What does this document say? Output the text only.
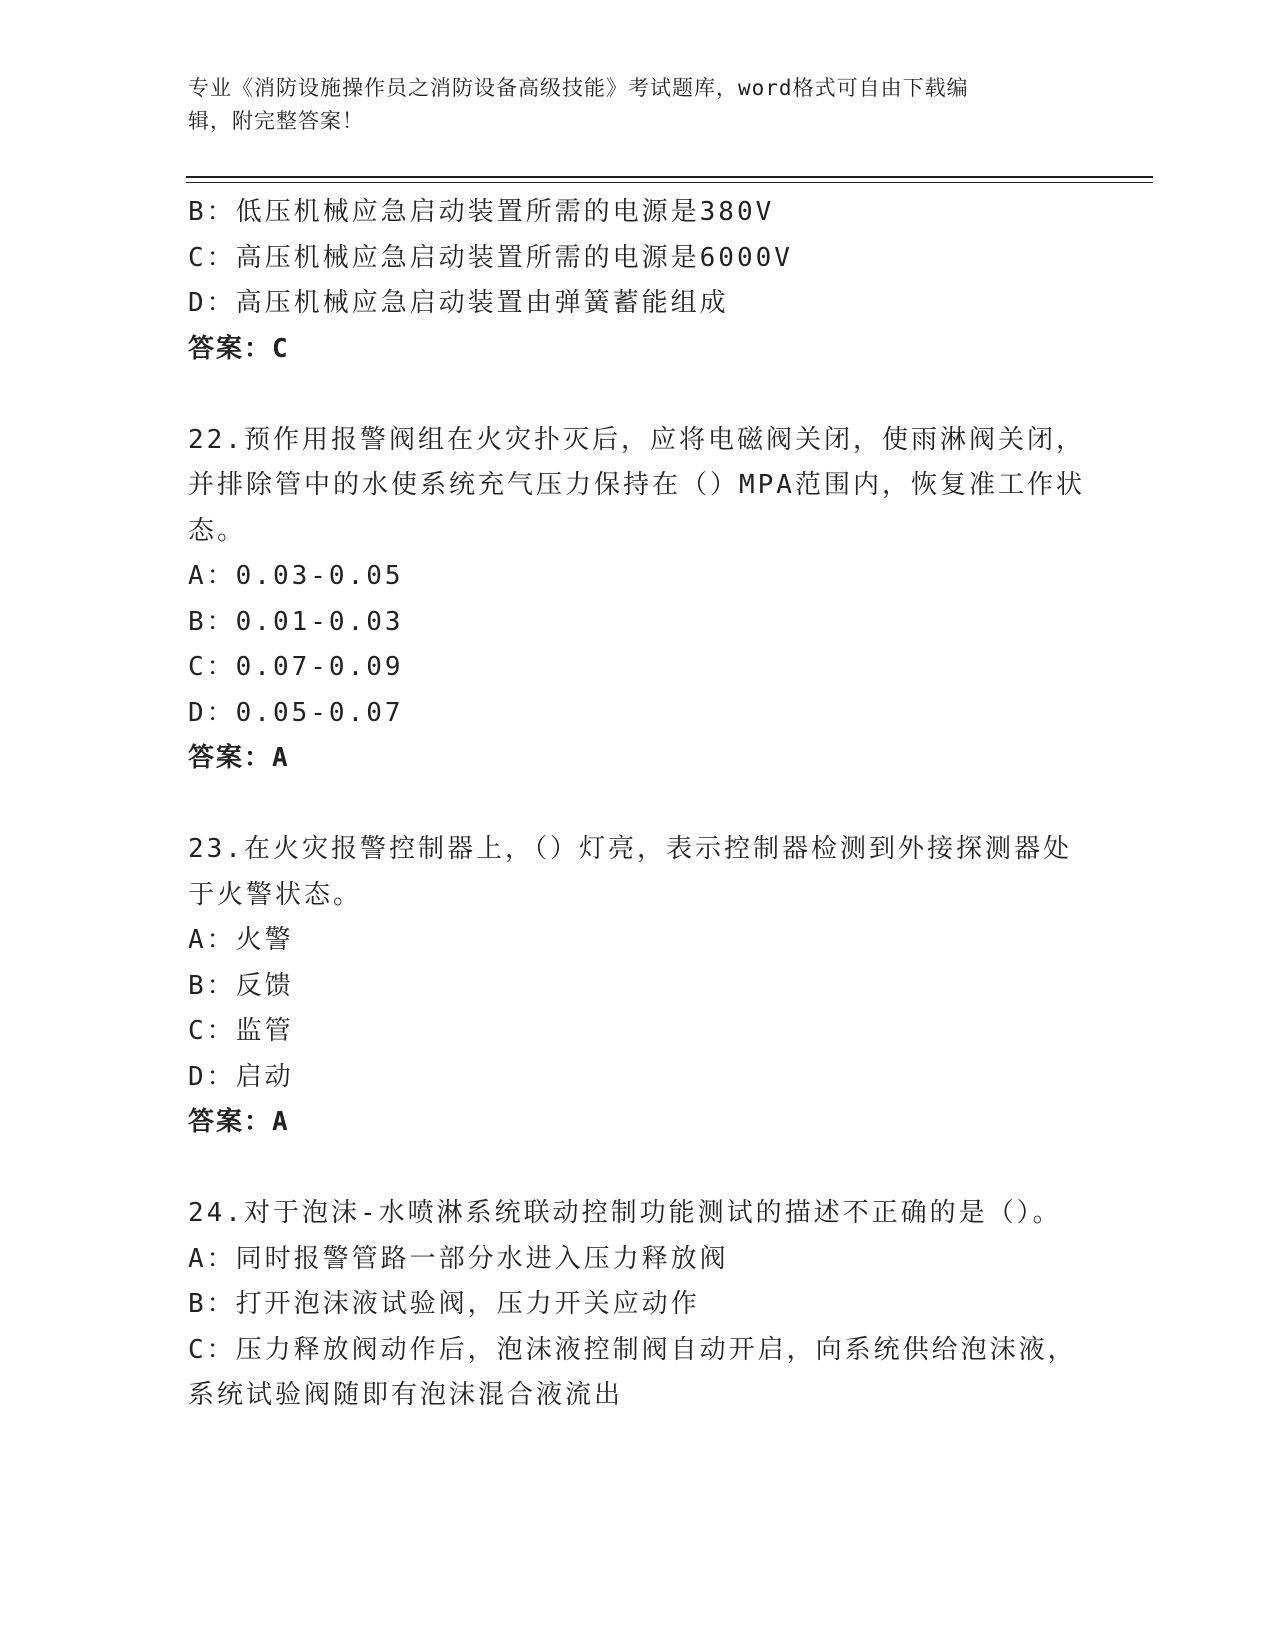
专业《消防设施操作员之消防设备高级技能》考试题库，word格式可自由下载编
辑，附完整答案！
B：低压机械应急启动装置所需的电源是380V
C：高压机械应急启动装置所需的电源是6000V
D：高压机械应急启动装置由弹簧蓄能组成
答案：C
22.预作用报警阀组在火灾扑灭后，应将电磁阀关闭，使雨淋阀关闭，
并排除管中的水使系统充气压力保持在（）MPA范围内，恢复准工作状
态。
A：0.03-0.05
B：0.01-0.03
C：0.07-0.09
D：0.05-0.07
答案：A
23.在火灾报警控制器上，（）灯亮，表示控制器检测到外接探测器处
于火警状态。
A：火警
B：反馈
C：监管
D：启动
答案：A
24.对于泡沫-水喷淋系统联动控制功能测试的描述不正确的是（）。
A：同时报警管路一部分水进入压力释放阀
B：打开泡沫液试验阀，压力开关应动作
C：压力释放阀动作后，泡沫液控制阀自动开启，向系统供给泡沫液，
系统试验阀随即有泡沫混合液流出
